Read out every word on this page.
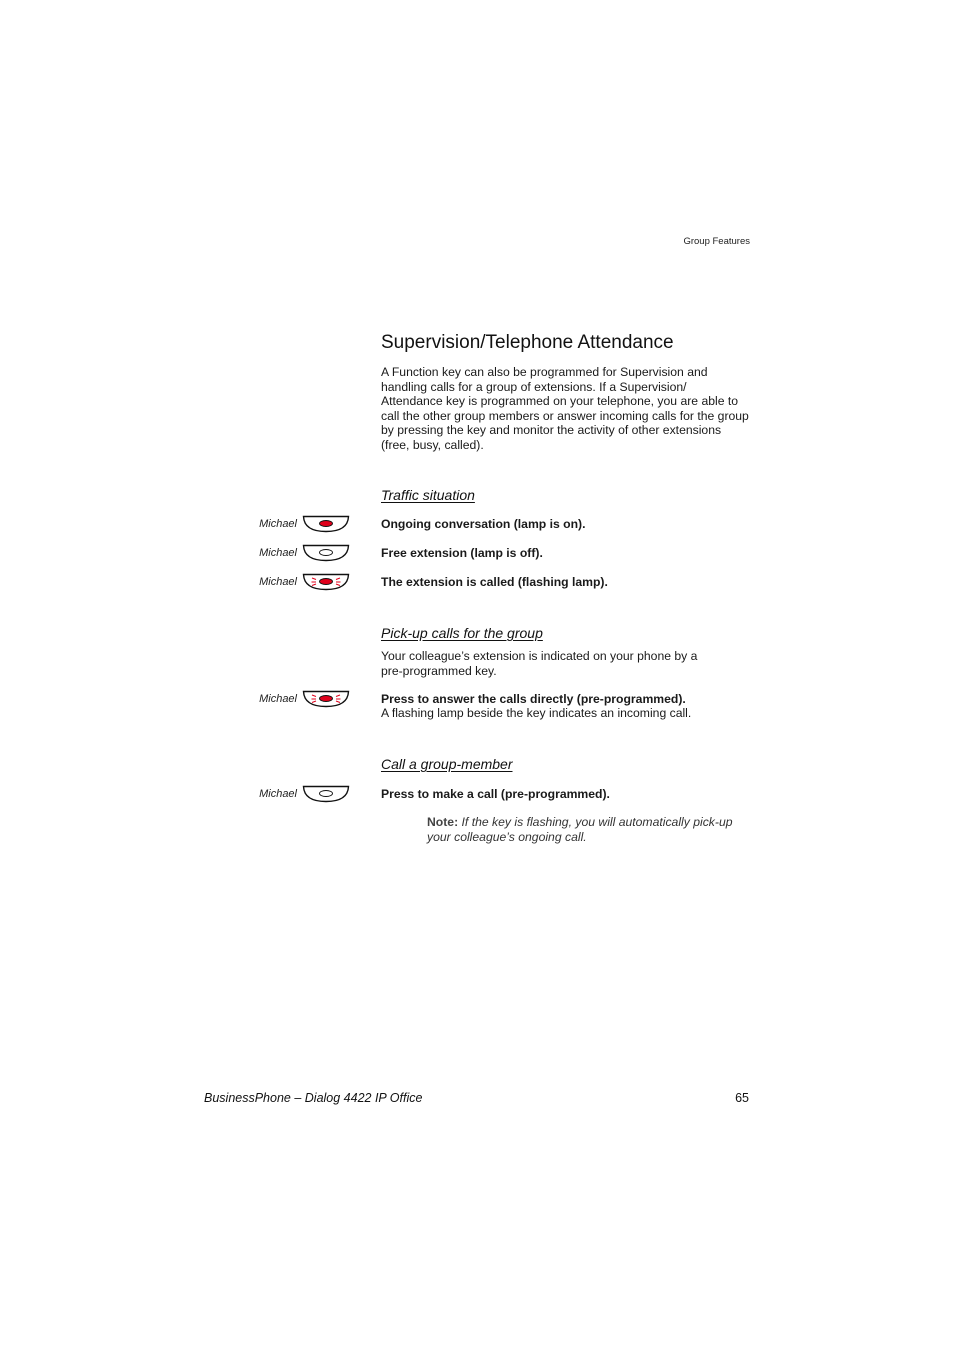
Group Features
Supervision/Telephone Attendance
A Function key can also be programmed for Supervision and handling calls for a group of extensions. If a Supervision/ Attendance key is programmed on your telephone, you are able to call the other group members or answer incoming calls for the group by pressing the key and monitor the activity of other extensions (free, busy, called).
Traffic situation
Michael	Ongoing conversation (lamp is on).
Michael	Free extension (lamp is off).
Michael	The extension is called (flashing lamp).
Pick-up calls for the group
Your colleague’s extension is indicated on your phone by a pre-programmed key.
Michael	Press to answer the calls directly (pre-programmed).
A flashing lamp beside the key indicates an incoming call.
Call a group-member
Michael	Press to make a call (pre-programmed).
Note: If the key is flashing, you will automatically pick-up your colleague’s ongoing call.
BusinessPhone – Dialog 4422 IP Office	65
